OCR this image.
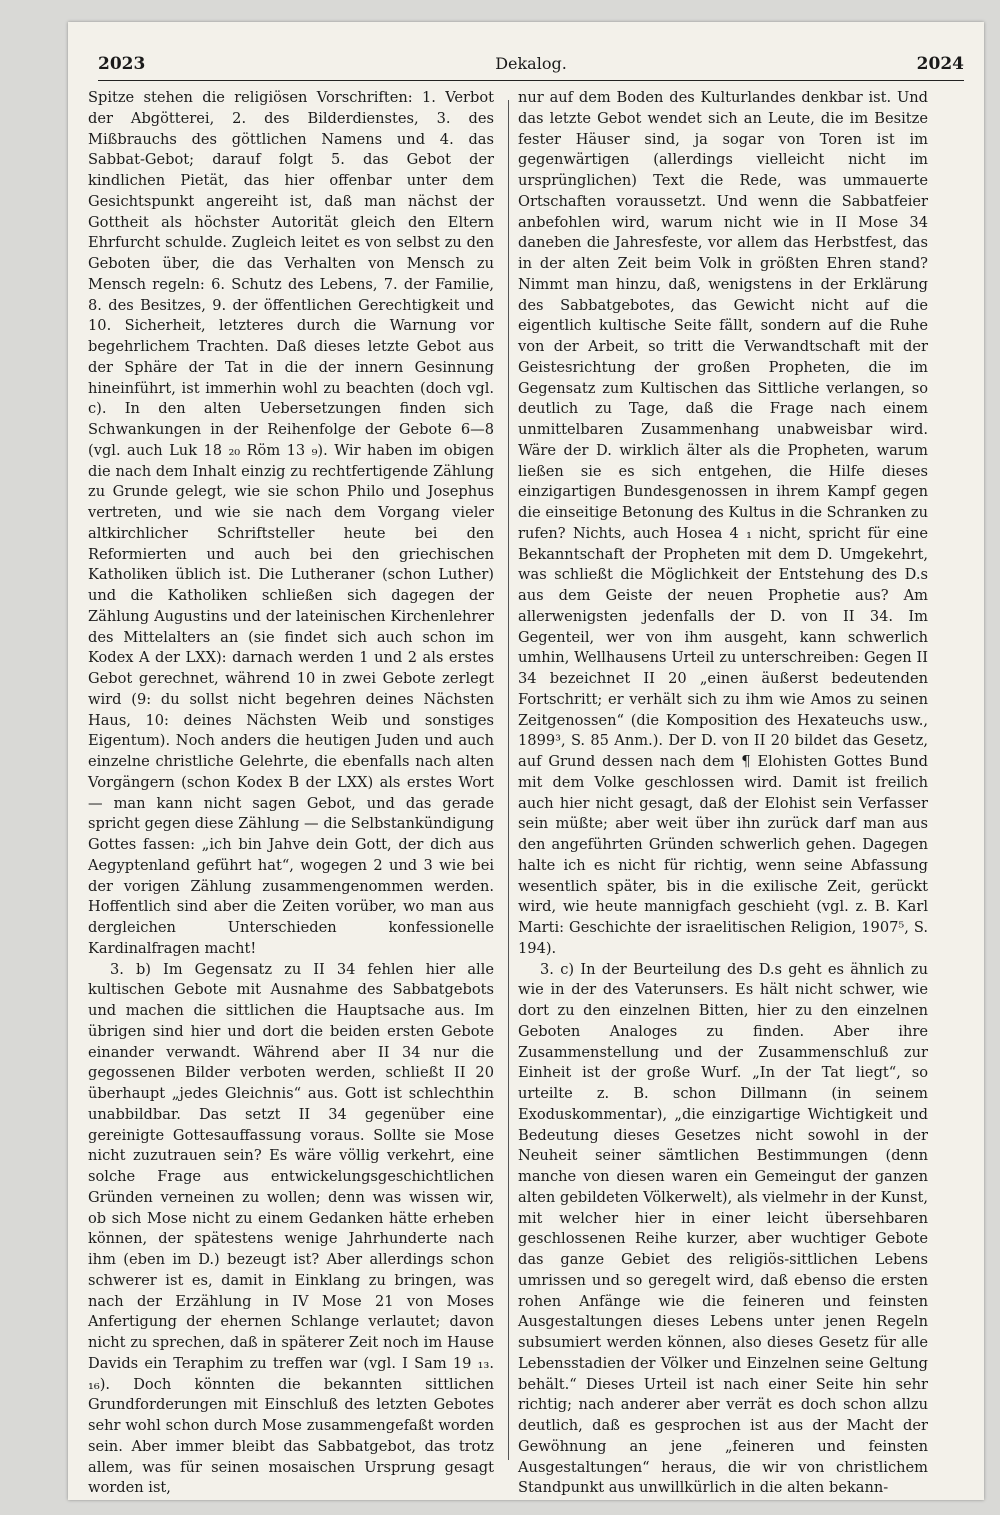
2023	Dekalog.	2024

Spitze stehen die religiösen Vorschriften: 1. Verbot der Abgötterei, 2. des Bilderdienstes, 3. des Mißbrauchs des göttlichen Namens und 4. das Sabbat-Gebot; darauf folgt 5. das Gebot der kindlichen Pietät, das hier offenbar unter dem Gesichtspunkt angereiht ist, daß man nächst der Gottheit als höchster Autorität gleich den Eltern Ehrfurcht schulde. Zugleich leitet es von selbst zu den Geboten über, die das Verhalten von Mensch zu Mensch regeln: 6. Schutz des Lebens, 7. der Familie, 8. des Besitzes, 9. der öffentlichen Gerechtigkeit und 10. Sicherheit, letzteres durch die Warnung vor begehrlichem Trachten. Daß dieses letzte Gebot aus der Sphäre der Tat in die der innern Gesinnung hineinführt, ist immerhin wohl zu beachten (doch vgl. c). In den alten Uebersetzungen finden sich Schwankungen in der Reihenfolge der Gebote 6—8 (vgl. auch Luk 18 ₂₀ Röm 13 ₉). Wir haben im obigen die nach dem Inhalt einzig zu rechtfertigende Zählung zu Grunde gelegt, wie sie schon Philo und Josephus vertreten, und wie sie nach dem Vorgang vieler altkirchlicher Schriftsteller heute bei den Reformierten und auch bei den griechischen Katholiken üblich ist. Die Lutheraner (schon Luther) und die Katholiken schließen sich dagegen der Zählung Augustins und der lateinischen Kirchenlehrer des Mittelalters an (sie findet sich auch schon im Kodex A der LXX): darnach werden 1 und 2 als erstes Gebot gerechnet, während 10 in zwei Gebote zerlegt wird (9: du sollst nicht begehren deines Nächsten Haus, 10: deines Nächsten Weib und sonstiges Eigentum). Noch anders die heutigen Juden und auch einzelne christliche Gelehrte, die ebenfalls nach alten Vorgängern (schon Kodex B der LXX) als erstes Wort — man kann nicht sagen Gebot, und das gerade spricht gegen diese Zählung — die Selbstankündigung Gottes fassen: „ich bin Jahve dein Gott, der dich aus Aegyptenland geführt hat“, wogegen 2 und 3 wie bei der vorigen Zählung zusammengenommen werden. Hoffentlich sind aber die Zeiten vorüber, wo man aus dergleichen Unterschieden konfessionelle Kardinalfragen macht!

3. b) Im Gegensatz zu II 34 fehlen hier alle kultischen Gebote mit Ausnahme des Sabbatgebots und machen die sittlichen die Hauptsache aus. Im übrigen sind hier und dort die beiden ersten Gebote einander verwandt. Während aber II 34 nur die gegossenen Bilder verboten werden, schließt II 20 überhaupt „jedes Gleichnis“ aus. Gott ist schlechthin unabbildbar. Das setzt II 34 gegenüber eine gereinigte Gottesauffassung voraus. Sollte sie Mose nicht zuzutrauen sein? Es wäre völlig verkehrt, eine solche Frage aus entwickelungsgeschichtlichen Gründen verneinen zu wollen; denn was wissen wir, ob sich Mose nicht zu einem Gedanken hätte erheben können, der spätestens wenige Jahrhunderte nach ihm (eben im D.) bezeugt ist? Aber allerdings schon schwerer ist es, damit in Einklang zu bringen, was nach der Erzählung in IV Mose 21 von Moses Anfertigung der ehernen Schlange verlautet; davon nicht zu sprechen, daß in späterer Zeit noch im Hause Davids ein Teraphim zu treffen war (vgl. I Sam 19 ₁₃. ₁₆). Doch könnten die bekannten sittlichen Grundforderungen mit Einschluß des letzten Gebotes sehr wohl schon durch Mose zusammengefaßt worden sein. Aber immer bleibt das Sabbatgebot, das trotz allem, was für seinen mosaischen Ursprung gesagt worden ist,

nur auf dem Boden des Kulturlandes denkbar ist. Und das letzte Gebot wendet sich an Leute, die im Besitze fester Häuser sind, ja sogar von Toren ist im gegenwärtigen (allerdings vielleicht nicht im ursprünglichen) Text die Rede, was ummauerte Ortschaften voraussetzt. Und wenn die Sabbatfeier anbefohlen wird, warum nicht wie in II Mose 34 daneben die Jahresfeste, vor allem das Herbstfest, das in der alten Zeit beim Volk in größten Ehren stand? Nimmt man hinzu, daß, wenigstens in der Erklärung des Sabbatgebotes, das Gewicht nicht auf die eigentlich kultische Seite fällt, sondern auf die Ruhe von der Arbeit, so tritt die Verwandtschaft mit der Geistesrichtung der großen Propheten, die im Gegensatz zum Kultischen das Sittliche verlangen, so deutlich zu Tage, daß die Frage nach einem unmittelbaren Zusammenhang unabweisbar wird. Wäre der D. wirklich älter als die Propheten, warum ließen sie es sich entgehen, die Hilfe dieses einzigartigen Bundesgenossen in ihrem Kampf gegen die einseitige Betonung des Kultus in die Schranken zu rufen? Nichts, auch Hosea 4 ₁ nicht, spricht für eine Bekanntschaft der Propheten mit dem D. Umgekehrt, was schließt die Möglichkeit der Entstehung des D.s aus dem Geiste der neuen Prophetie aus? Am allerwenigsten jedenfalls der D. von II 34. Im Gegenteil, wer von ihm ausgeht, kann schwerlich umhin, Wellhausens Urteil zu unterschreiben: Gegen II 34 bezeichnet II 20 „einen äußerst bedeutenden Fortschritt; er verhält sich zu ihm wie Amos zu seinen Zeitgenossen“ (die Komposition des Hexateuchs usw., 1899³, S. 85 Anm.). Der D. von II 20 bildet das Gesetz, auf Grund dessen nach dem ¶ Elohisten Gottes Bund mit dem Volke geschlossen wird. Damit ist freilich auch hier nicht gesagt, daß der Elohist sein Verfasser sein müßte; aber weit über ihn zurück darf man aus den angeführten Gründen schwerlich gehen. Dagegen halte ich es nicht für richtig, wenn seine Abfassung wesentlich später, bis in die exilische Zeit, gerückt wird, wie heute mannigfach geschieht (vgl. z. B. Karl Marti: Geschichte der israelitischen Religion, 1907⁵, S. 194).

3. c) In der Beurteilung des D.s geht es ähnlich zu wie in der des Vaterunsers. Es hält nicht schwer, wie dort zu den einzelnen Bitten, hier zu den einzelnen Geboten Analoges zu finden. Aber ihre Zusammenstellung und der Zusammenschluß zur Einheit ist der große Wurf. „In der Tat liegt“, so urteilte z. B. schon Dillmann (in seinem Exoduskommentar), „die einzigartige Wichtigkeit und Bedeutung dieses Gesetzes nicht sowohl in der Neuheit seiner sämtlichen Bestimmungen (denn manche von diesen waren ein Gemeingut der ganzen alten gebildeten Völkerwelt), als vielmehr in der Kunst, mit welcher hier in einer leicht übersehbaren geschlossenen Reihe kurzer, aber wuchtiger Gebote das ganze Gebiet des religiös-sittlichen Lebens umrissen und so geregelt wird, daß ebenso die ersten rohen Anfänge wie die feineren und feinsten Ausgestaltungen dieses Lebens unter jenen Regeln subsumiert werden können, also dieses Gesetz für alle Lebensstadien der Völker und Einzelnen seine Geltung behält.“ Dieses Urteil ist nach einer Seite hin sehr richtig; nach anderer aber verrät es doch schon allzu deutlich, daß es gesprochen ist aus der Macht der Gewöhnung an jene „feineren und feinsten Ausgestaltungen“ heraus, die wir von christlichem Standpunkt aus unwillkürlich in die alten bekann-
